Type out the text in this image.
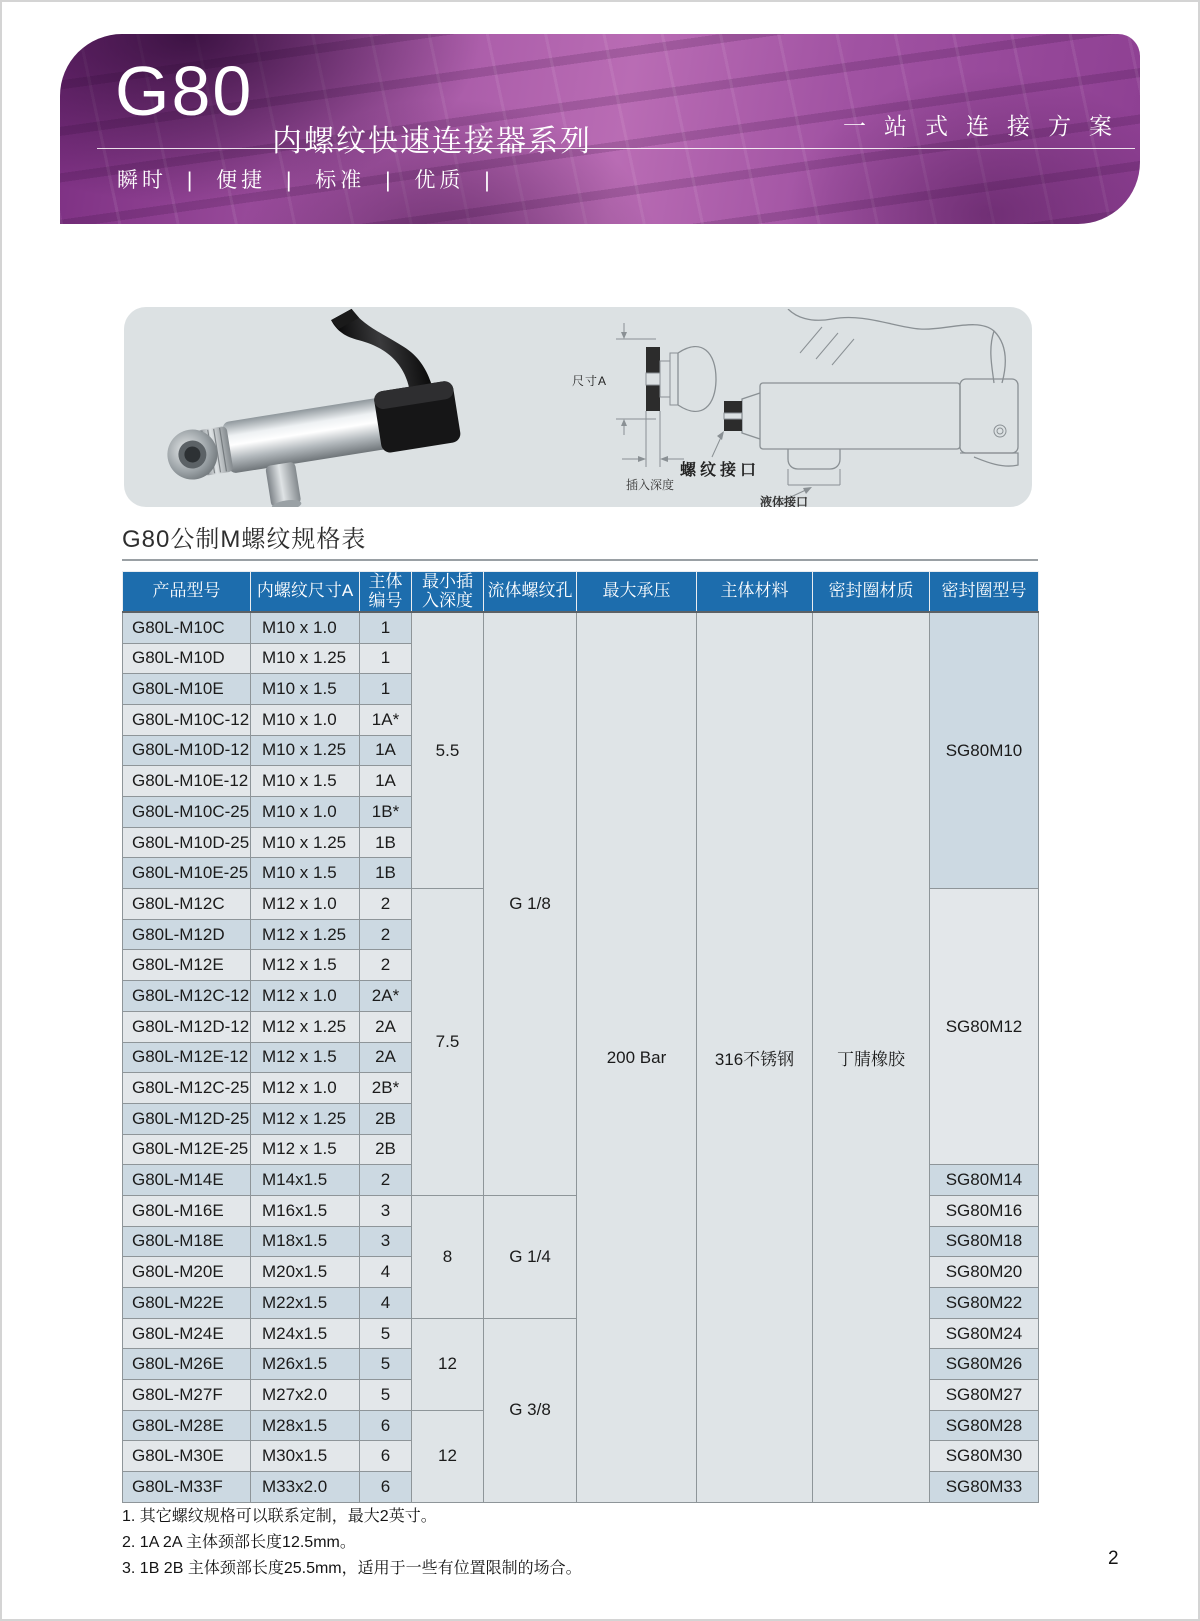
G80
内螺纹快速连接器系列	一站式连接方案
瞬时 | 便捷 | 标准 | 优质 |
尺寸A
插入深度
螺纹接口
液体接口
G80公制M螺纹规格表
产品型号	内螺纹尺寸A	主体编号	最小插入深度	流体螺纹孔	最大承压	主体材料	密封圈材质	密封圈型号
G80L-M10C	M10 x 1.0	1	5.5	G 1/8	200 Bar	316不锈钢	丁腈橡胶	SG80M10
G80L-M10D	M10 x 1.25	1						
G80L-M10E	M10 x 1.5	1						
G80L-M10C-12	M10 x 1.0	1A*						
G80L-M10D-12	M10 x 1.25	1A						
G80L-M10E-12	M10 x 1.5	1A						
G80L-M10C-25	M10 x 1.0	1B*						
G80L-M10D-25	M10 x 1.25	1B						
G80L-M10E-25	M10 x 1.5	1B						
G80L-M12C	M12 x 1.0	2	7.5					SG80M12
G80L-M12D	M12 x 1.25	2						
G80L-M12E	M12 x 1.5	2						
G80L-M12C-12	M12 x 1.0	2A*						
G80L-M12D-12	M12 x 1.25	2A						
G80L-M12E-12	M12 x 1.5	2A						
G80L-M12C-25	M12 x 1.0	2B*						
G80L-M12D-25	M12 x 1.25	2B						
G80L-M12E-25	M12 x 1.5	2B						
G80L-M14E	M14x1.5	2						SG80M14
G80L-M16E	M16x1.5	3	8	G 1/4				SG80M16
G80L-M18E	M18x1.5	3						SG80M18
G80L-M20E	M20x1.5	4						SG80M20
G80L-M22E	M22x1.5	4						SG80M22
G80L-M24E	M24x1.5	5	12	G 3/8				SG80M24
G80L-M26E	M26x1.5	5						SG80M26
G80L-M27F	M27x2.0	5						SG80M27
G80L-M28E	M28x1.5	6	12					SG80M28
G80L-M30E	M30x1.5	6						SG80M30
G80L-M33F	M33x2.0	6						SG80M33
1. 其它螺纹规格可以联系定制，最大2英寸。
2. 1A 2A 主体颈部长度12.5mm。
3. 1B 2B 主体颈部长度25.5mm，适用于一些有位置限制的场合。	2
